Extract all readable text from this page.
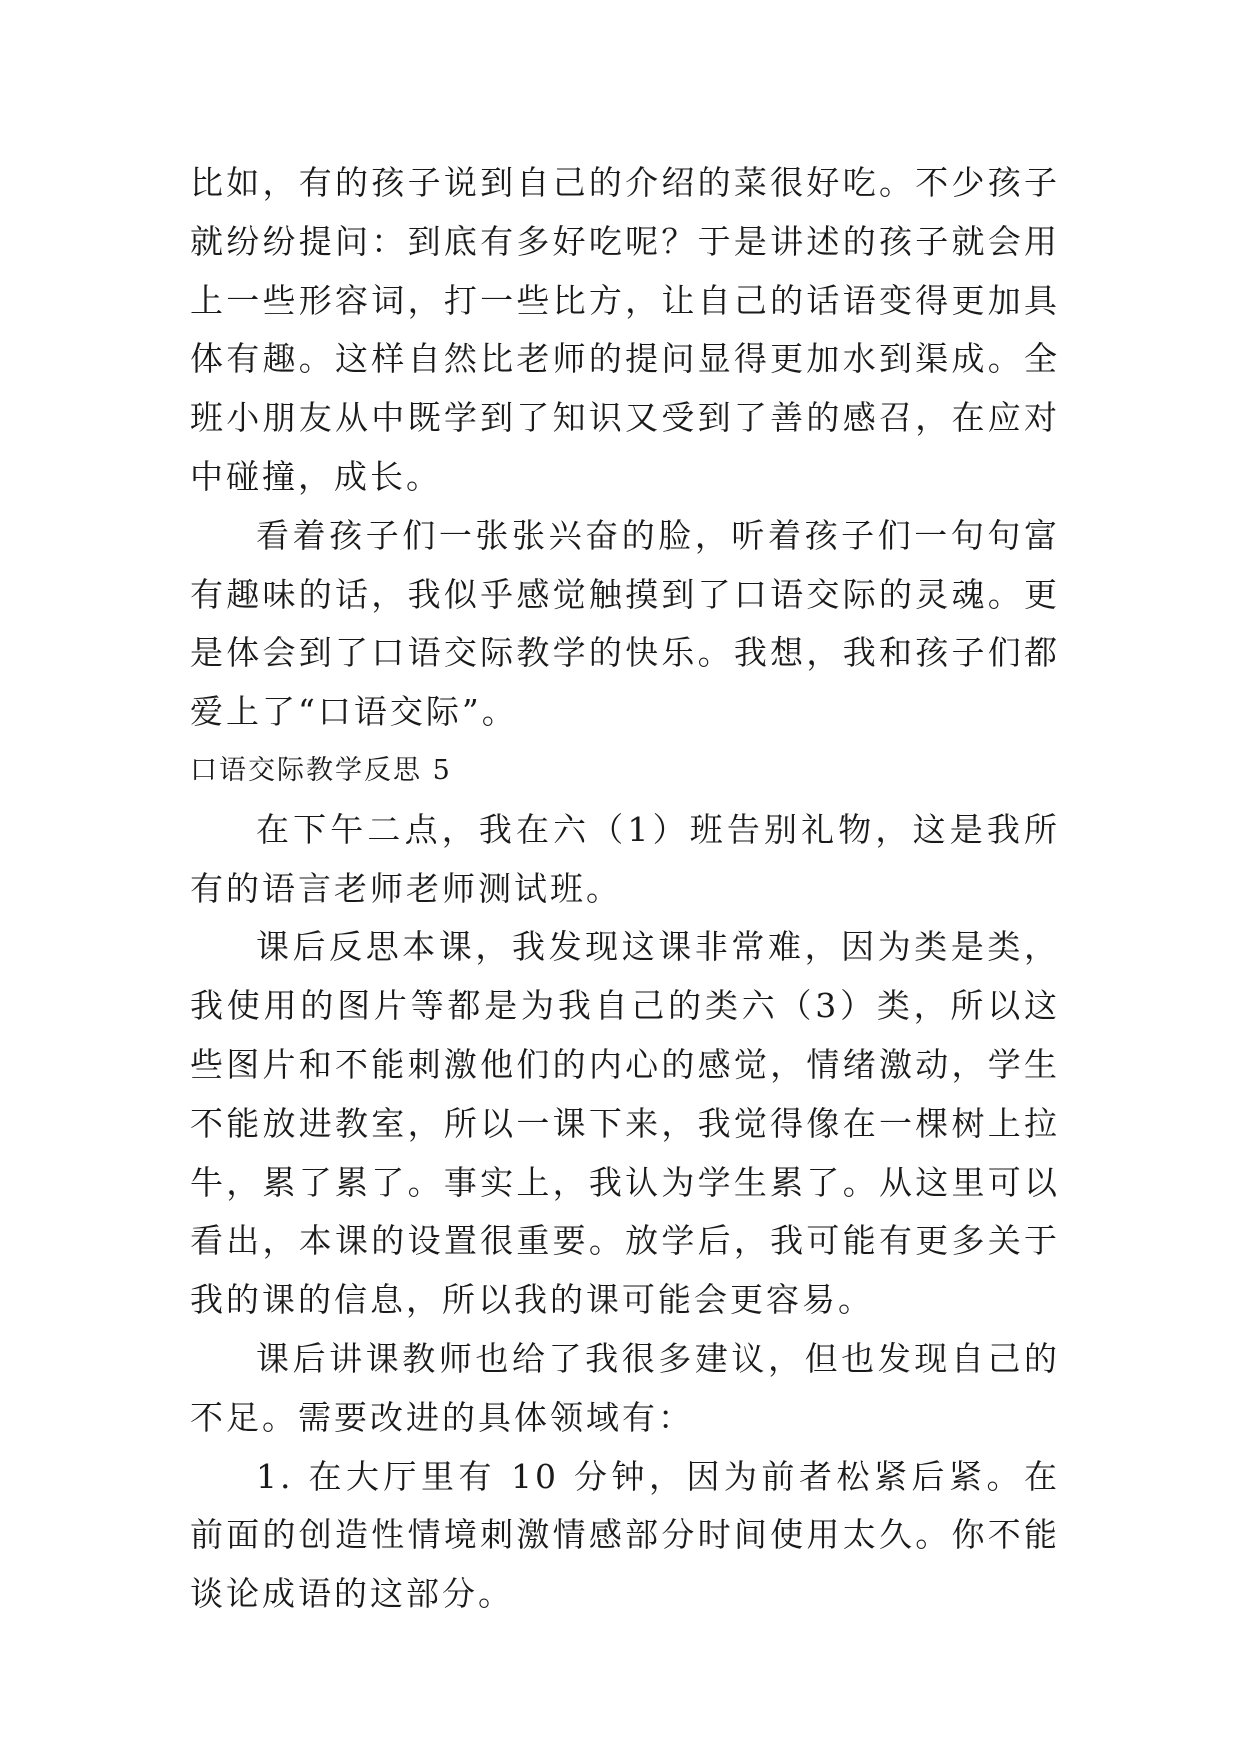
比如，有的孩子说到自己的介绍的菜很好吃。不少孩子就纷纷提问：到底有多好吃呢？于是讲述的孩子就会用上一些形容词，打一些比方，让自己的话语变得更加具体有趣。这样自然比老师的提问显得更加水到渠成。全班小朋友从中既学到了知识又受到了善的感召，在应对中碰撞，成长。

看着孩子们一张张兴奋的脸，听着孩子们一句句富有趣味的话，我似乎感觉触摸到了口语交际的灵魂。更是体会到了口语交际教学的快乐。我想，我和孩子们都爱上了“口语交际”。

口语交际教学反思 5

在下午二点，我在六（1）班告别礼物，这是我所有的语言老师老师测试班。

课后反思本课，我发现这课非常难，因为类是类，我使用的图片等都是为我自己的类六（3）类，所以这些图片和不能刺激他们的内心的感觉，情绪激动，学生不能放进教室，所以一课下来，我觉得像在一棵树上拉牛，累了累了。事实上，我认为学生累了。从这里可以看出，本课的设置很重要。放学后，我可能有更多关于我的课的信息，所以我的课可能会更容易。

课后讲课教师也给了我很多建议，但也发现自己的不足。需要改进的具体领域有：

1. 在大厅里有 10 分钟，因为前者松紧后紧。在前面的创造性情境刺激情感部分时间使用太久。你不能谈论成语的这部分。
